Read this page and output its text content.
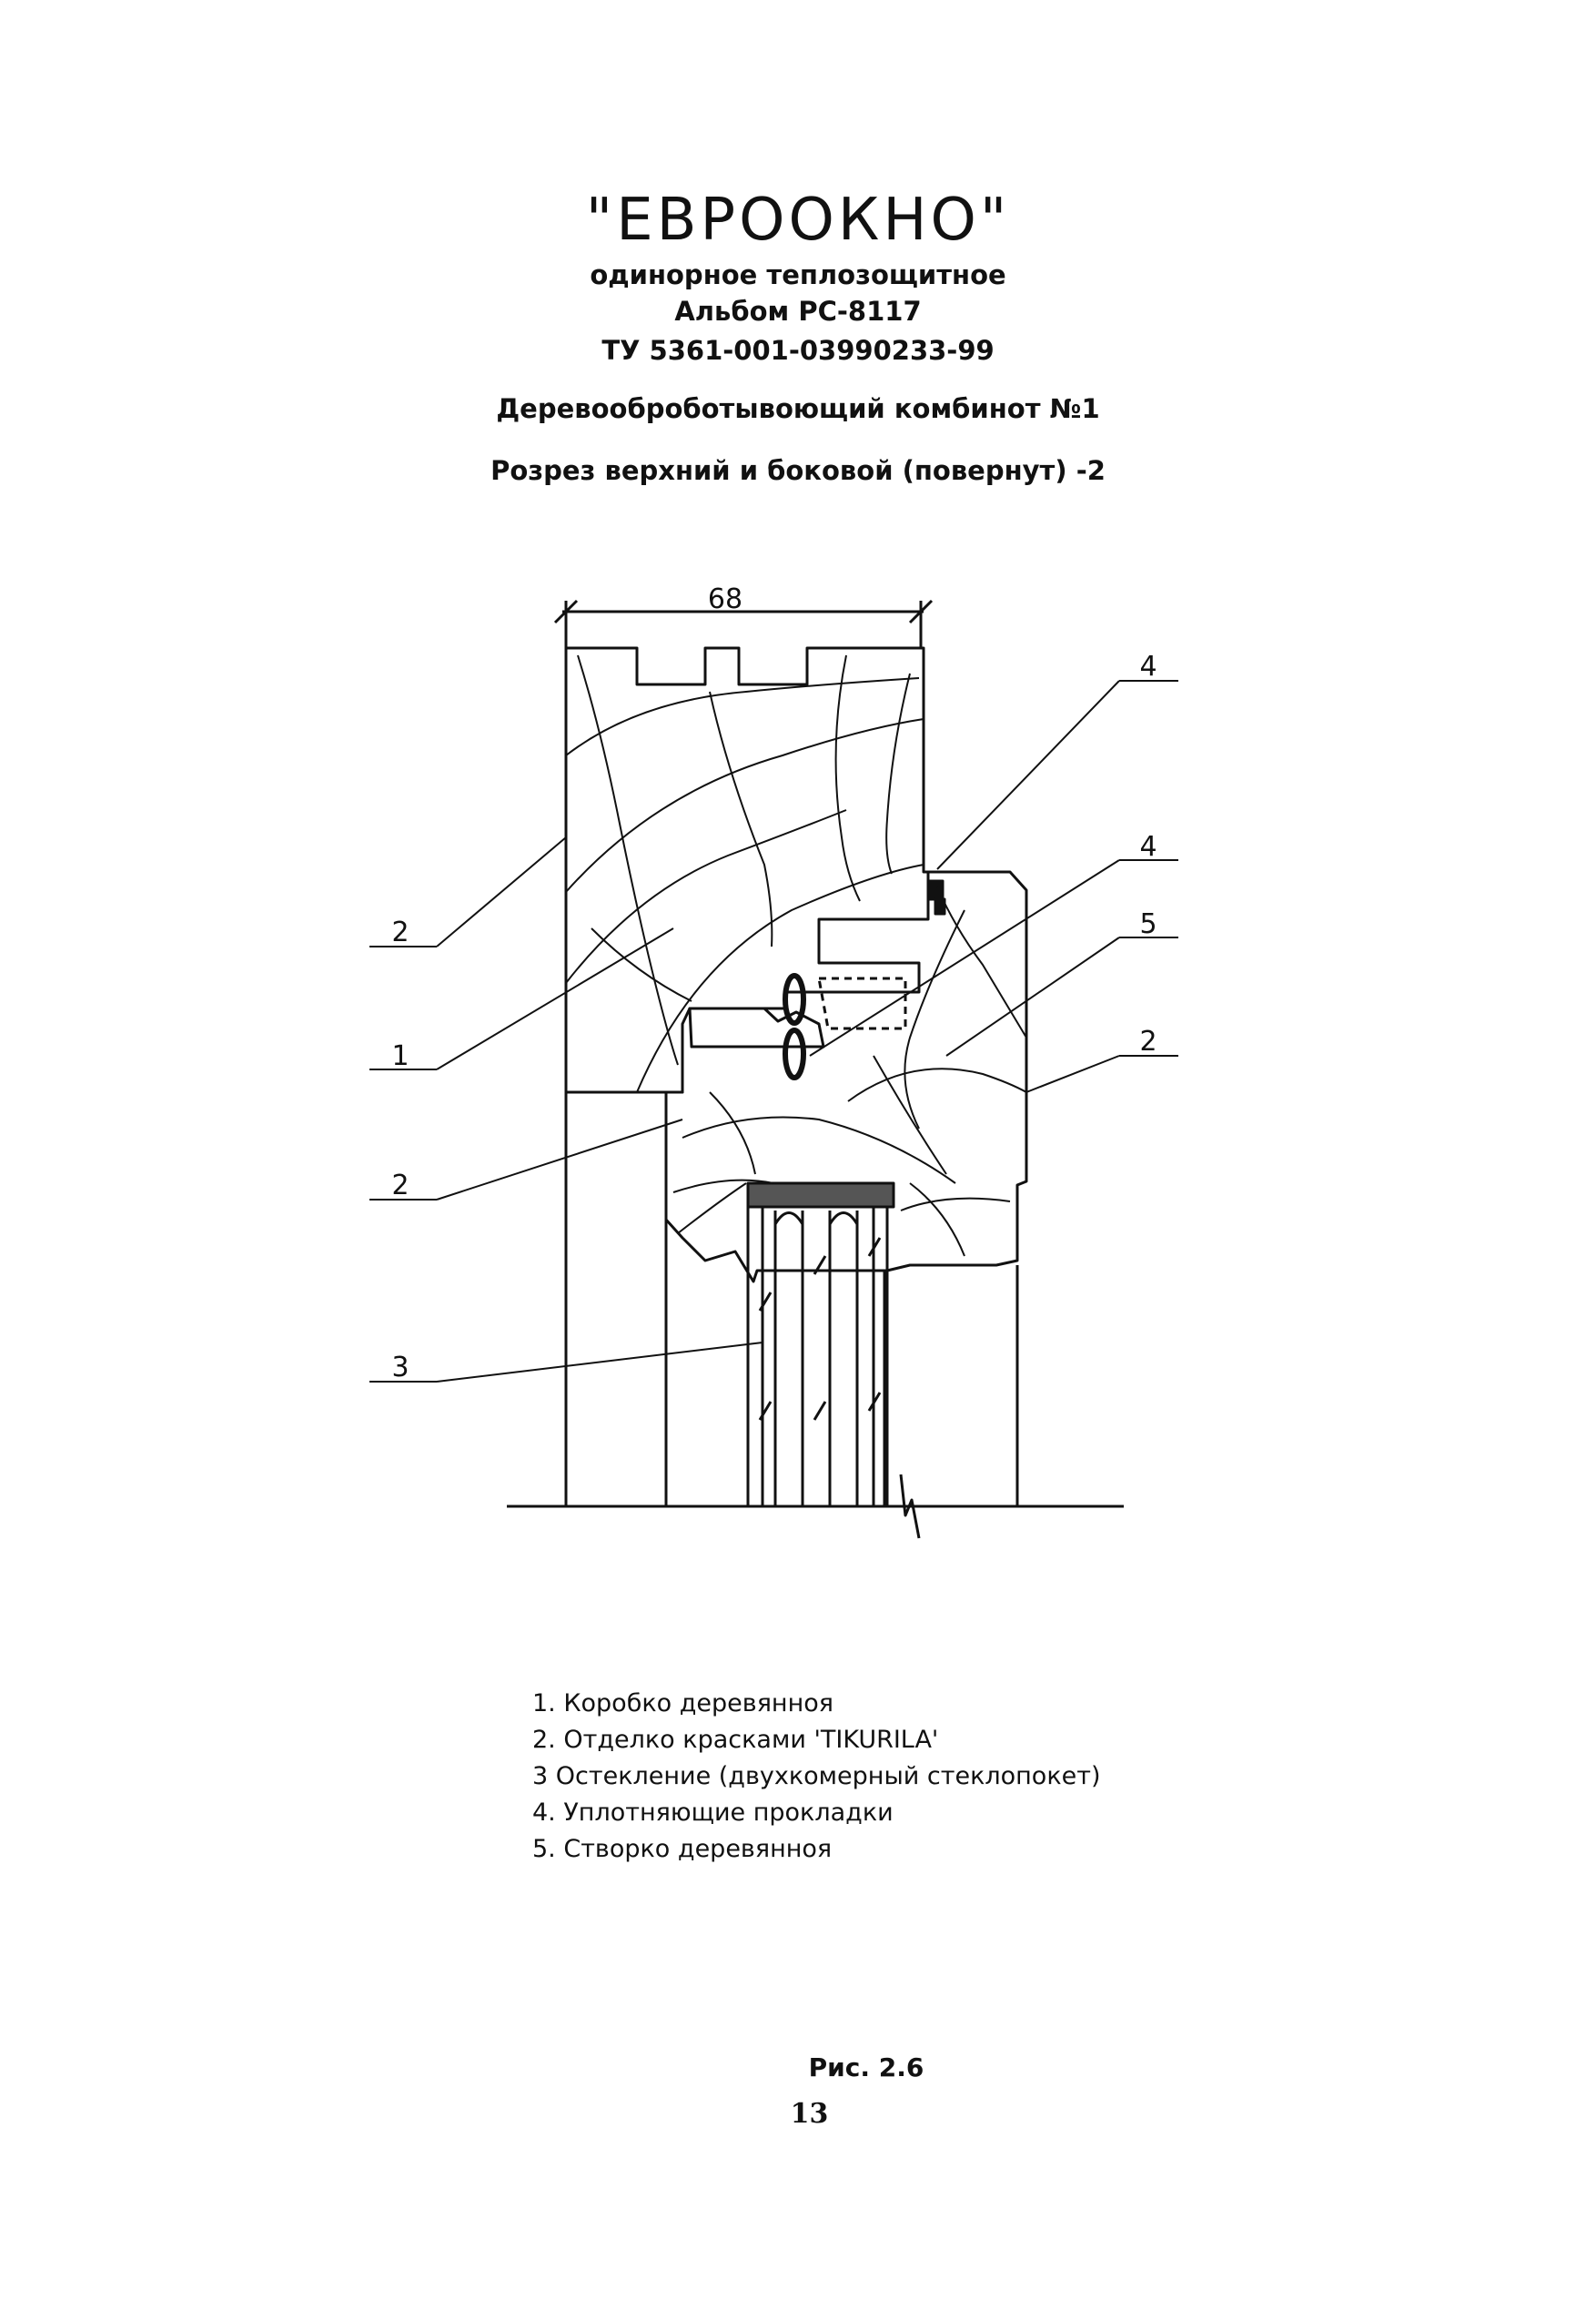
"ЕВРООКНО"
одинорное теплозощитное
Альбом РС-8117
ТУ 5361-001-03990233-99
Деревооброботывоющий комбинот №1
Розрез верхний и боковой (повернут) -2
68
4
4
5
2
2
1
2
3
1. Коробко деревянноя
2. Отделко красками 'TIKURILA'
3 Остекление (двухкомерный стеклопокет)
4. Уплотняющие прокладки
5. Створко деревянноя
Рис. 2.6
13
